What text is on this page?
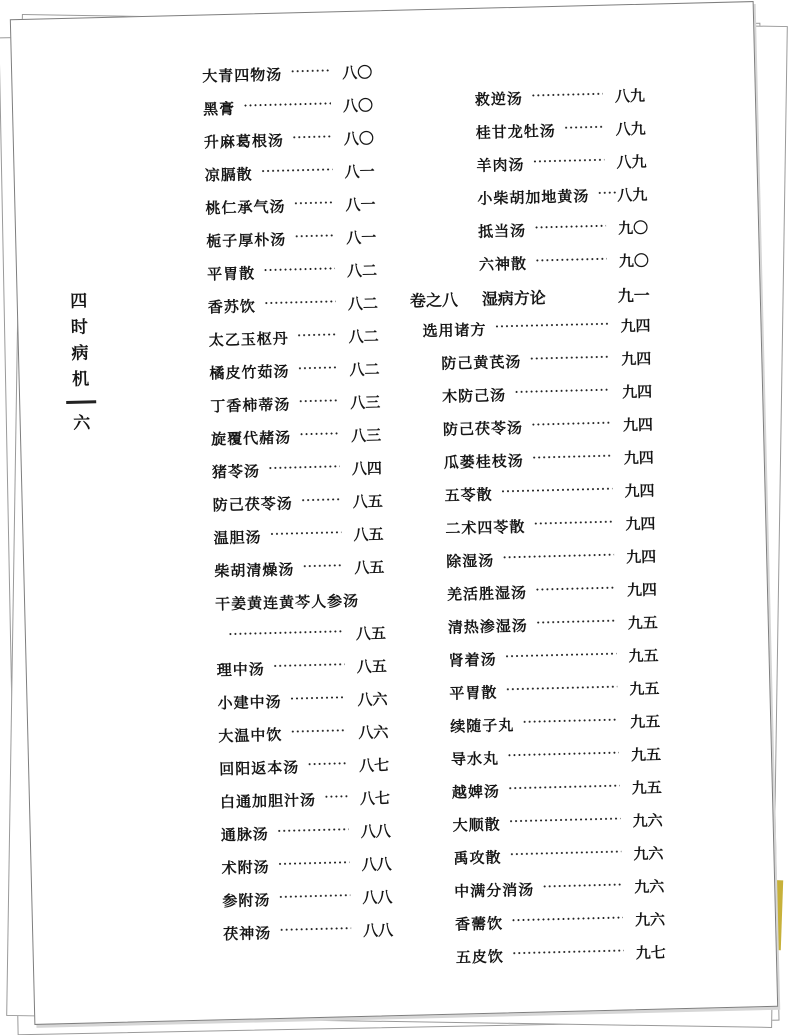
四
时
病
机
六
大青四物汤	八〇
黑膏	八〇
升麻葛根汤	八〇
凉膈散	八一
桃仁承气汤	八一
栀子厚朴汤	八一
平胃散	八二
香苏饮	八二
太乙玉枢丹	八二
橘皮竹茹汤	八二
丁香柿蒂汤	八三
旋覆代赭汤	八三
猪苓汤	八四
防己茯苓汤	八五
温胆汤	八五
柴胡清燥汤	八五
干姜黄连黄芩人参汤
八五
理中汤	八五
小建中汤	八六
大温中饮	八六
回阳返本汤	八七
白通加胆汁汤	八七
通脉汤	八八
术附汤	八八
参附汤	八八
茯神汤	八八
救逆汤	八九
桂甘龙牡汤	八九
羊肉汤	八九
小柴胡加地黄汤 八九
抵当汤	九〇
六神散	九〇
卷之八 湿病方论	九一
选用诸方	九四
防己黄芪汤	九四
木防己汤	九四
防己茯苓汤	九四
瓜蒌桂枝汤	九四
五苓散	九四
二术四苓散	九四
除湿汤	九四
羌活胜湿汤	九四
清热渗湿汤	九五
肾着汤	九五
平胃散	九五
续随子丸	九五
导水丸	九五
越婢汤	九五
大顺散	九六
禹攻散	九六
中满分消汤	九六
香薷饮	九六
五皮饮	九七
